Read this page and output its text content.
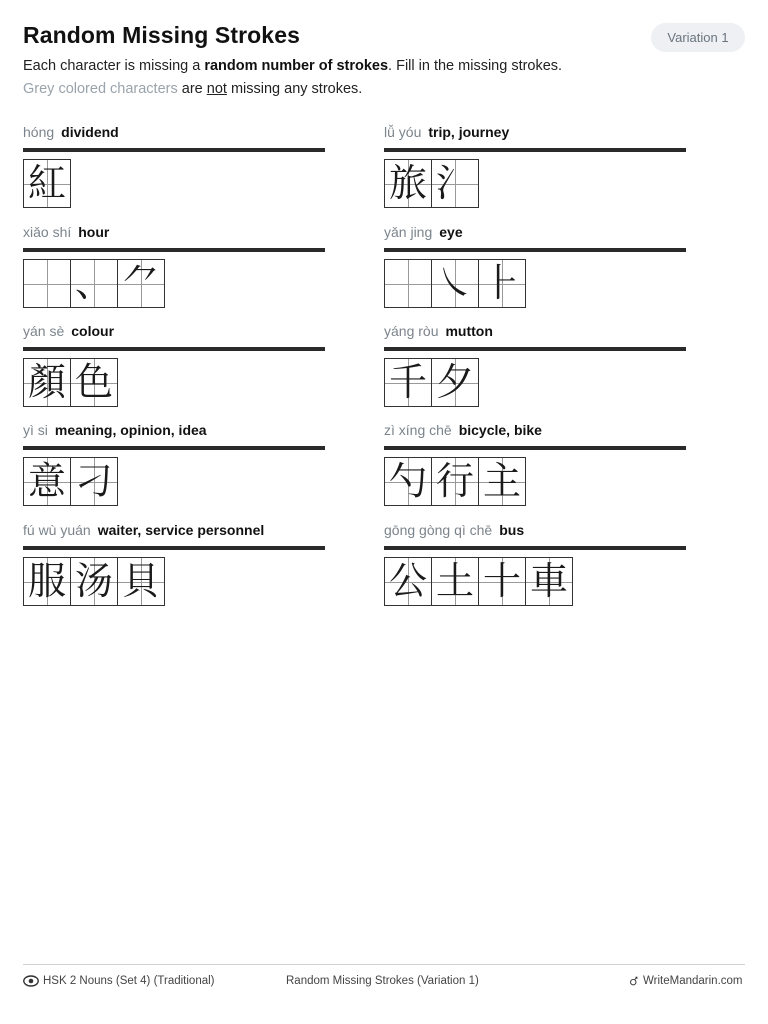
Random Missing Strokes	Variation 1
Each character is missing a random number of strokes. Fill in the missing strokes.
Grey colored characters are not missing any strokes.
hóng dividend
紅
lǚ yóu trip, journey
旅 氵
xiǎo shí hour
、 ⺈
yǎn jing eye
㇏ ⺊
yán sè colour
顏 色
yáng ròu mutton
千 夕
yì si meaning, opinion, idea
意 刁
zì xíng chē bicycle, bike
勺 行 主
fú wù yuán waiter, service personnel
服 汤 貝
gōng gòng qì chē bus
公 土 ⼗ 車
HSK 2 Nouns (Set 4) (Traditional)	Random Missing Strokes (Variation 1)	WriteMandarin.com
